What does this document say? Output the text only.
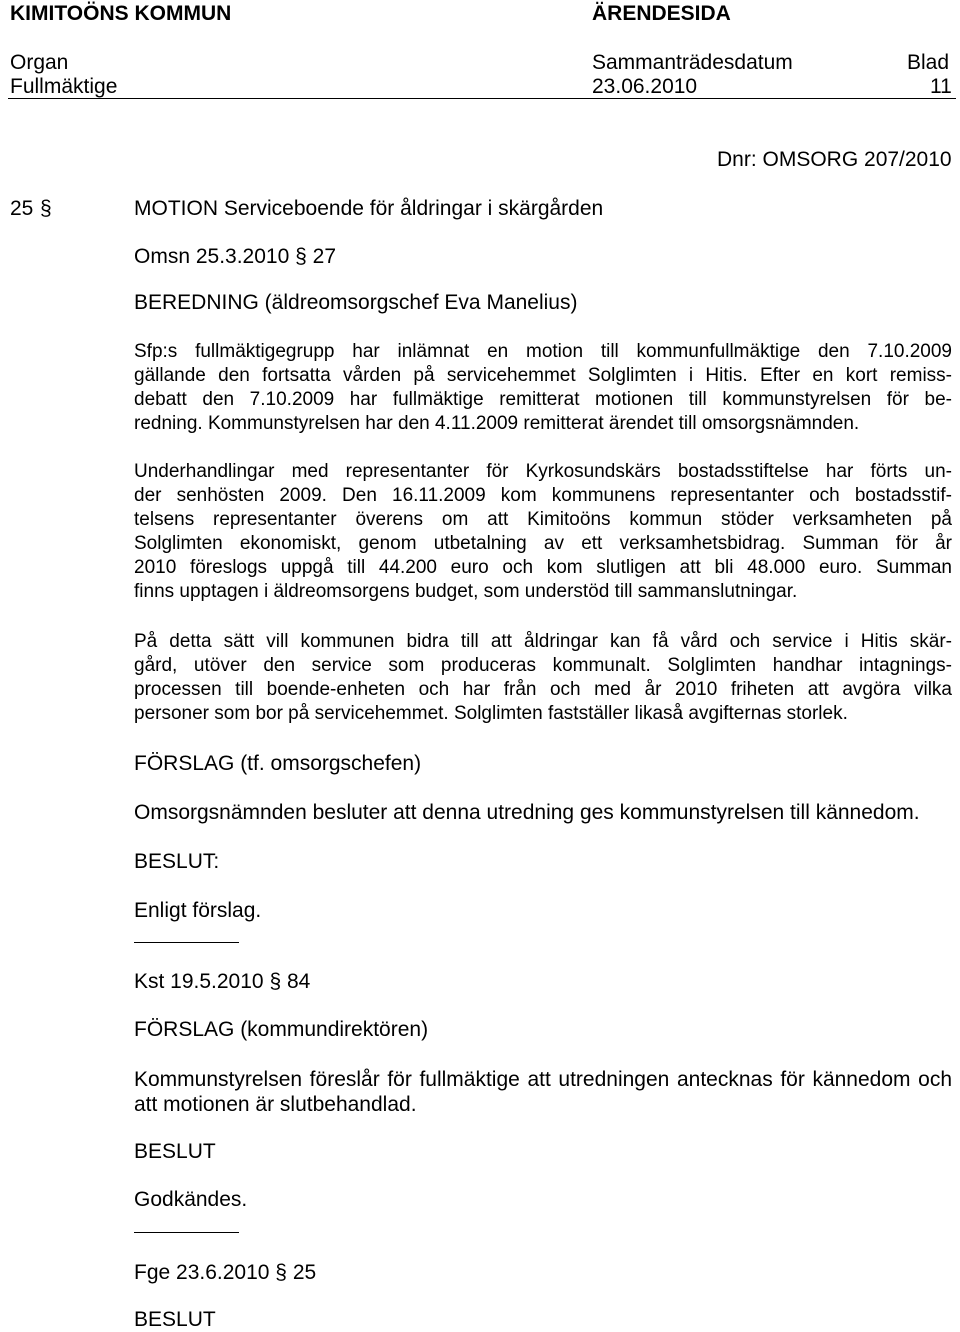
KIMITOÖNS KOMMUN	ÄRENDESIDA
Organ	Sammanträdesdatum	Blad
Fullmäktige	23.06.2010	11
Dnr: OMSORG 207/2010
25 §	MOTION Serviceboende för åldringar i skärgården
Omsn 25.3.2010 § 27
BEREDNING (äldreomsorgschef Eva Manelius)
Sfp:s fullmäktigegrupp har inlämnat en motion till kommunfullmäktige den 7.10.2009
gällande den fortsatta vården på servicehemmet Solglimten i Hitis. Efter en kort remiss-
debatt den 7.10.2009 har fullmäktige remitterat motionen till kommunstyrelsen för be-
redning. Kommunstyrelsen har den 4.11.2009 remitterat ärendet till omsorgsnämnden.
Underhandlingar med representanter för Kyrkosundskärs bostadsstiftelse har förts un-
der senhösten 2009. Den 16.11.2009 kom kommunens representanter och bostadsstif-
telsens representanter överens om att Kimitoöns kommun stöder verksamheten på
Solglimten ekonomiskt, genom utbetalning av ett verksamhetsbidrag. Summan för år
2010 föreslogs uppgå till 44.200 euro och kom slutligen att bli 48.000 euro. Summan
finns upptagen i äldreomsorgens budget, som understöd till sammanslutningar.
På detta sätt vill kommunen bidra till att åldringar kan få vård och service i Hitis skär-
gård, utöver den service som produceras kommunalt. Solglimten handhar intagnings-
processen till boende-enheten och har från och med år 2010 friheten att avgöra vilka
personer som bor på servicehemmet. Solglimten fastställer likaså avgifternas storlek.
FÖRSLAG (tf. omsorgschefen)
Omsorgsnämnden besluter att denna utredning ges kommunstyrelsen till kännedom.
BESLUT:
Enligt förslag.
Kst 19.5.2010 § 84
FÖRSLAG (kommundirektören)
Kommunstyrelsen föreslår för fullmäktige att utredningen antecknas för kännedom och
att motionen är slutbehandlad.
BESLUT
Godkändes.
Fge 23.6.2010 § 25
BESLUT
